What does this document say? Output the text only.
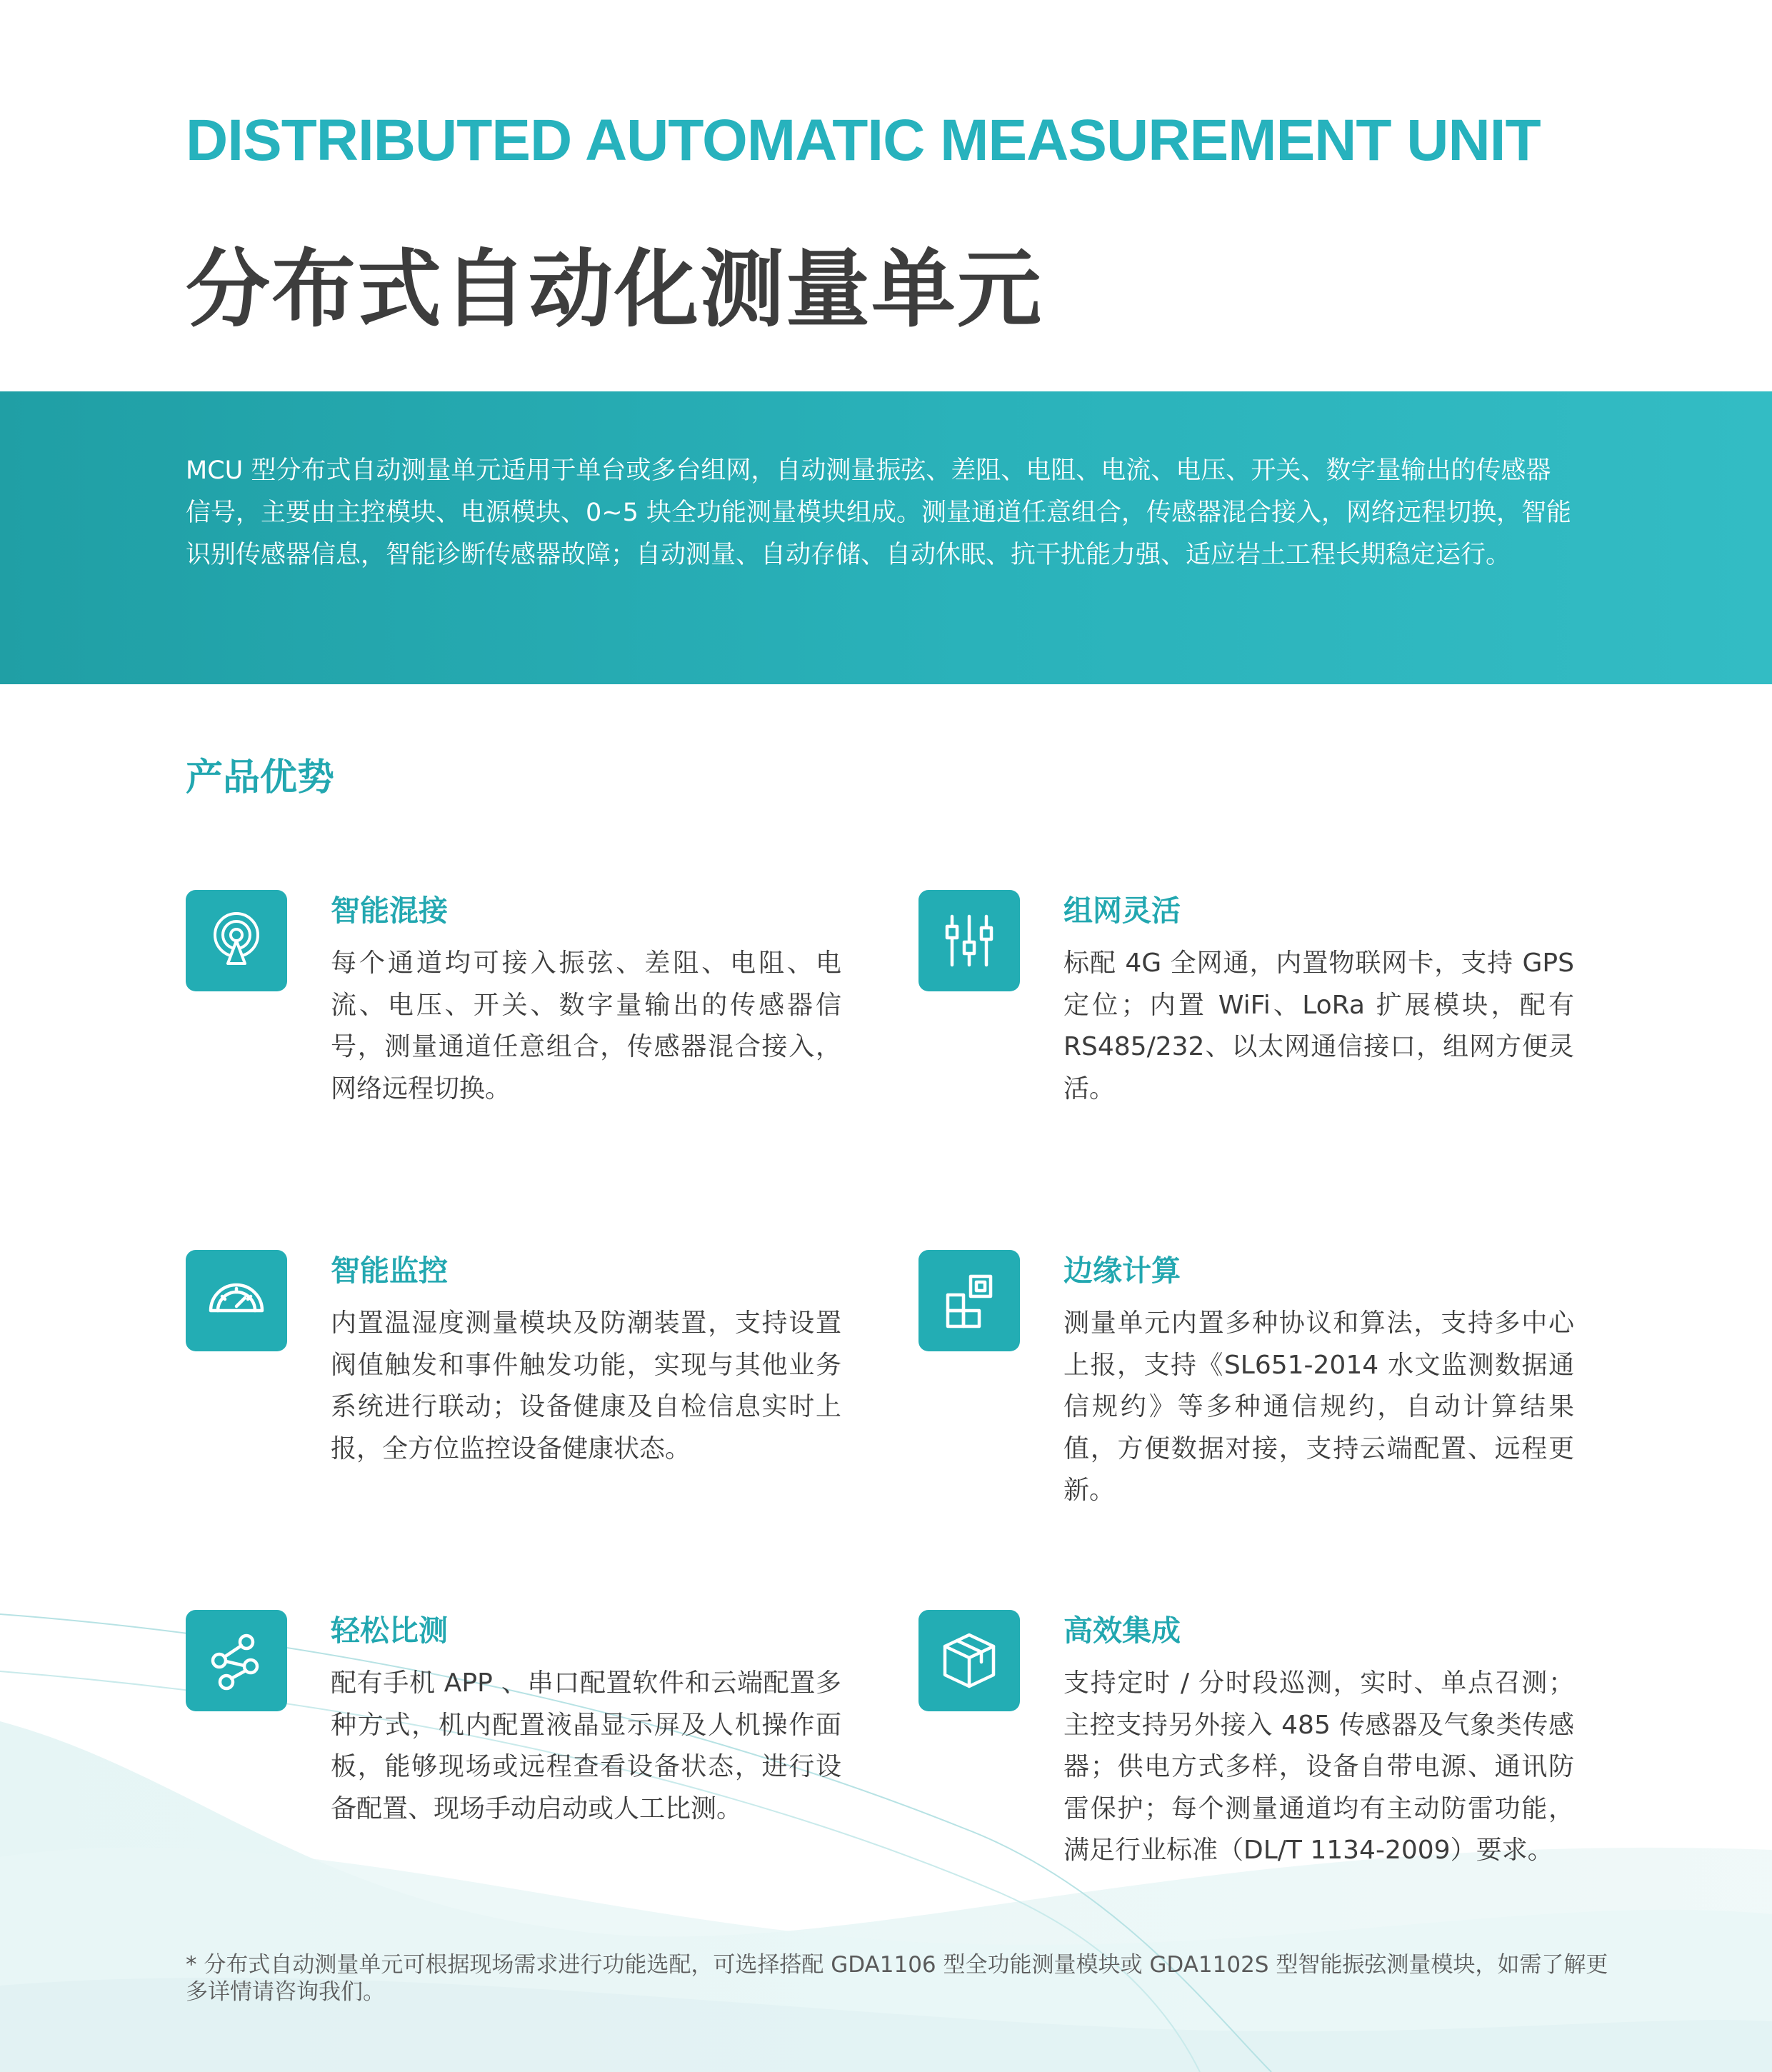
DISTRIBUTED AUTOMATIC MEASUREMENT UNIT
分布式自动化测量单元

MCU 型分布式自动测量单元适用于单台或多台组网，自动测量振弦、差阻、电阻、电流、电压、开关、数字量输出的传感器信号，主要由主控模块、电源模块、0~5 块全功能测量模块组成。测量通道任意组合，传感器混合接入，网络远程切换，智能识别传感器信息，智能诊断传感器故障；自动测量、自动存储、自动休眠、抗干扰能力强、适应岩土工程长期稳定运行。

产品优势
智能混接

每个通道均可接入振弦、差阻、电阻、电流、电压、开关、数字量输出的传感器信号，测量通道任意组合，传感器混合接入，网络远程切换。

组网灵活

标配 4G 全网通，内置物联网卡，支持 GPS 定位；内置 WiFi、LoRa 扩展模块，配有 RS485/232、以太网通信接口，组网方便灵活。

智能监控

内置温湿度测量模块及防潮装置，支持设置阀值触发和事件触发功能，实现与其他业务系统进行联动；设备健康及自检信息实时上报，全方位监控设备健康状态。

边缘计算

测量单元内置多种协议和算法，支持多中心上报，支持《SL651-2014 水文监测数据通信规约》等多种通信规约，自动计算结果值，方便数据对接，支持云端配置、远程更新。

轻松比测

配有手机 APP 、串口配置软件和云端配置多种方式，机内配置液晶显示屏及人机操作面板，能够现场或远程查看设备状态，进行设备配置、现场手动启动或人工比测。

高效集成

支持定时 / 分时段巡测，实时、单点召测；主控支持另外接入 485 传感器及气象类传感器；供电方式多样，设备自带电源、通讯防雷保护；每个测量通道均有主动防雷功能，满足行业标准（DL/T 1134-2009）要求。

* 分布式自动测量单元可根据现场需求进行功能选配，可选择搭配 GDA1106 型全功能测量模块或 GDA1102S 型智能振弦测量模块，如需了解更多详情请咨询我们。
